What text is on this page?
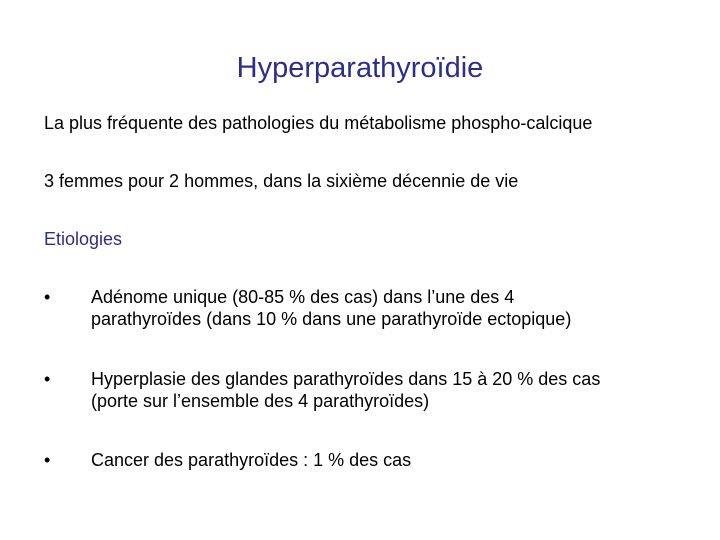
Hyperparathyroïdie
La plus fréquente des pathologies du métabolisme phospho-calcique
3 femmes pour 2 hommes, dans la sixième décennie de vie
Etiologies
• Adénome unique (80-85 % des cas) dans l’une des 4
parathyroïdes (dans 10 % dans une parathyroïde ectopique)
• Hyperplasie des glandes parathyroïdes dans 15 à 20 % des cas
(porte sur l’ensemble des 4 parathyroïdes)
• Cancer des parathyroïdes : 1 % des cas
